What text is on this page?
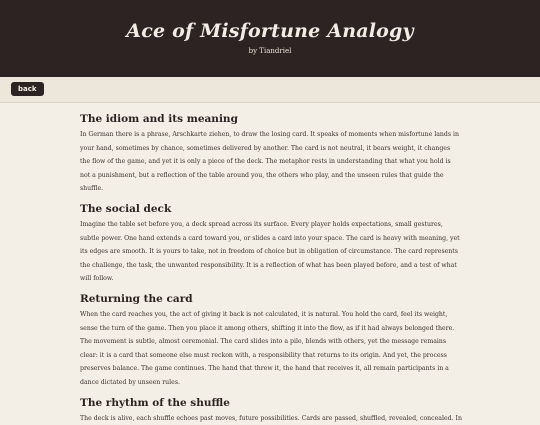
Ace of Misfortune Analogy
by Tiandriel
back
The idiom and its meaning

In German there is a phrase, Arschkarte ziehen, to draw the losing card. It speaks of moments when misfortune lands in your hand, sometimes by chance, sometimes delivered by another. The card is not neutral, it bears weight, it changes the flow of the game, and yet it is only a piece of the deck. The metaphor rests in understanding that what you hold is not a punishment, but a reflection of the table around you, the others who play, and the unseen rules that guide the shuffle.

The social deck

Imagine the table set before you, a deck spread across its surface. Every player holds expectations, small gestures, subtle power. One hand extends a card toward you, or slides a card into your space. The card is heavy with meaning, yet its edges are smooth. It is yours to take, not in freedom of choice but in obligation of circumstance. The card represents the challenge, the task, the unwanted responsibility. It is a reflection of what has been played before, and a test of what will follow.

Returning the card

When the card reaches you, the act of giving it back is not calculated, it is natural. You hold the card, feel its weight, sense the turn of the game. Then you place it among others, shifting it into the flow, as if it had always belonged there. The movement is subtle, almost ceremonial. The card slides into a pile, blends with others, yet the message remains clear: it is a card that someone else must reckon with, a responsibility that returns to its origin. And yet, the process preserves balance. The game continues. The hand that threw it, the hand that receives it, all remain participants in a dance dictated by unseen rules.

The rhythm of the shuffle

The deck is alive, each shuffle echoes past moves, future possibilities. Cards are passed, shuffled, revealed, concealed. In
